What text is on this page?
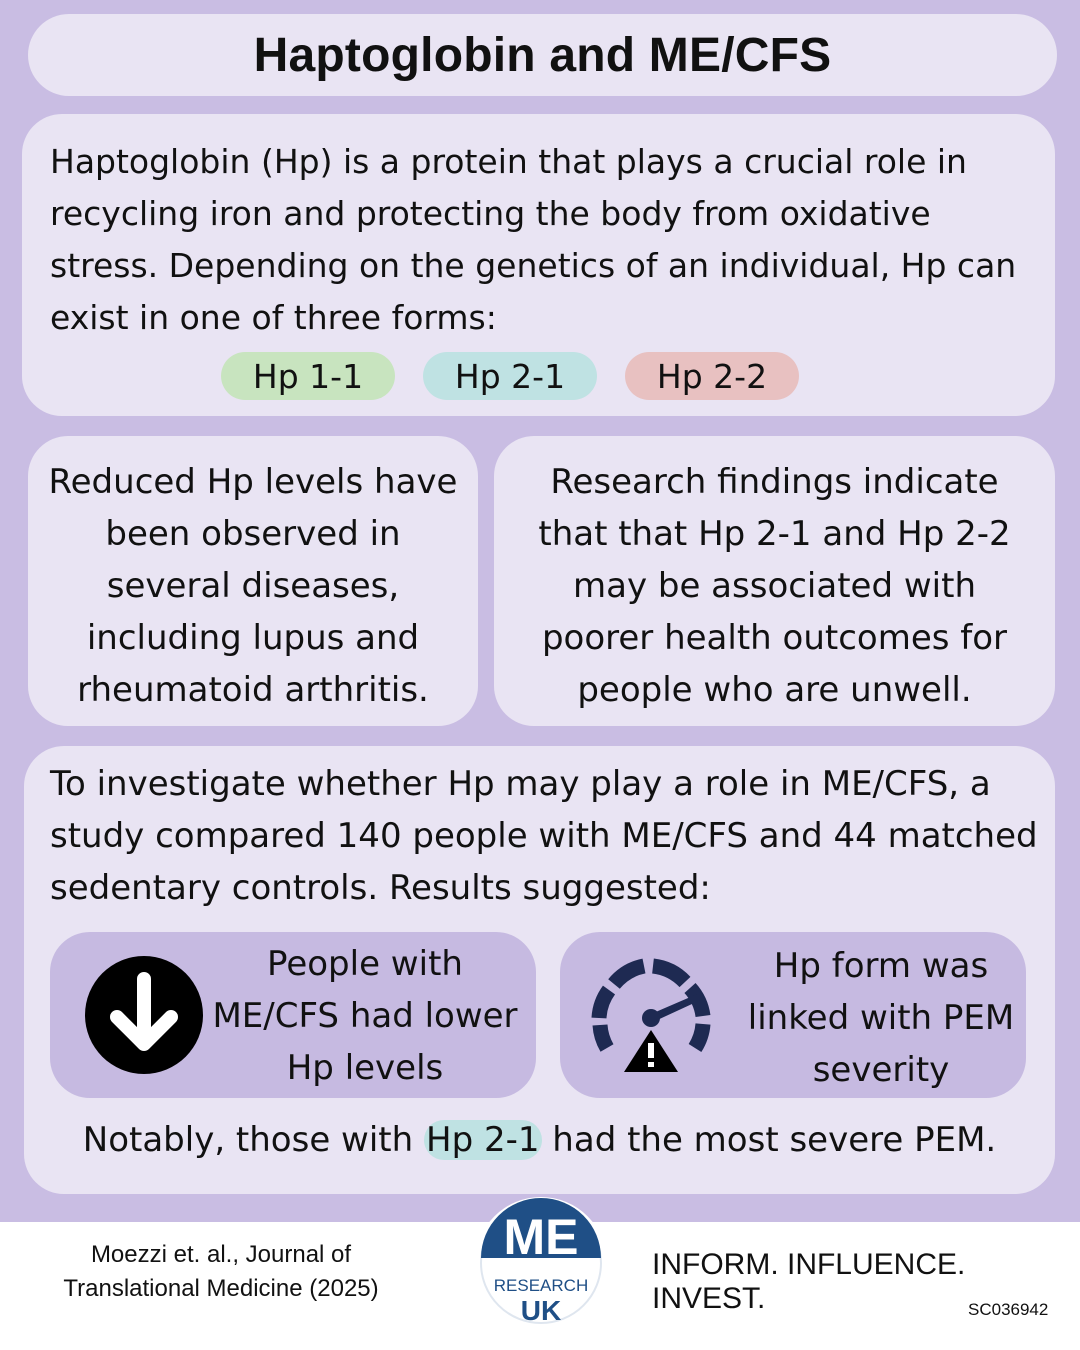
Haptoglobin and ME/CFS
Haptoglobin (Hp) is a protein that plays a crucial role in recycling iron and protecting the body from oxidative stress. Depending on the genetics of an individual, Hp can exist in one of three forms:
Hp 1-1	Hp 2-1	Hp 2-2
Reduced Hp levels have been observed in several diseases, including lupus and rheumatoid arthritis.
Research findings indicate that that Hp 2-1 and Hp 2-2 may be associated with poorer health outcomes for people who are unwell.
To investigate whether Hp may play a role in ME/CFS, a study compared 140 people with ME/CFS and 44 matched sedentary controls. Results suggested:
People with ME/CFS had lower Hp levels
Hp form was linked with PEM severity
Notably, those with Hp 2-1 had the most severe PEM.
Moezzi et. al., Journal of Translational Medicine (2025)
ME
RESEARCH
UK
INFORM. INFLUENCE. INVEST.	SC036942
